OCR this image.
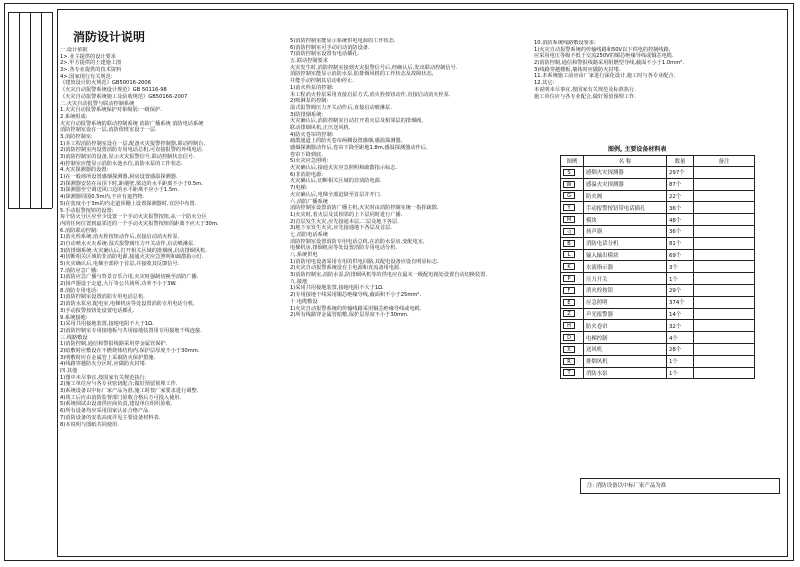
消防设计说明
一.设计依据
1>.业主提供的设计要求
2>.甲方提供的土建施工图
3>.各专业提供的技术资料
4>.国家现行有关规范:
《建筑设计防火规范》GB50016-2006
《火灾自动报警系统设计规范》GB 50116-98
《火灾自动报警系统施工及验收规范》GB50166-2007
二.火灾自动报警与联动控制系统
1.火灾自动报警系统保护对象级别:一级保护.
2.系统组成:
火灾自动报警系统的联动控制系统 消防广播系统 消防电话系统
消防控制室设在一层,消防值班室设于一层.
3.消防控制室:
1)本工程消防控制室设在一层,配备火灾报警控制器,联动控制台.
2)消防控制室内设置消防专用电话总机,可直接报警的外线电话.
3)消防控制室的设备,显示火灾报警信号,联动控制状态信号.
4)控制室应能显示消防水池水位,消防水泵的工作状态.
4.火灾探测器的设置:
1)在一般场所设置感烟探测器,厨房设置感温探测器.
2)探测器安装在吊顶下时,距墙壁,梁边的水平距离不小于0.5m.
3)探测器至空调送风口边的水平距离不应小于1.5m.
4)探测器周围0.5m内,不应有遮挡物.
5)在宽度小于3m的内走道顶棚上设置探测器时,宜居中布置.
5.手动报警按钮的设置:
每个防火分区应至少设置一个手动火灾报警按钮,从一个防火分区
内的任何位置到最邻近的一个手动火灾报警按钮的距离不应大于30m.
6.消防联动控制:
1)消火栓系统:消火栓按钮动作后,直接启动消火栓泵.
2)自动喷水灭火系统:湿式报警阀压力开关动作,启动喷淋泵.
3)防排烟系统:火灾确认后,打开相关区域的排烟阀,启动排烟风机.
4)切断相关区域的非消防电源,接通火灾应急照明和疏散指示灯.
5)火灾确认后,电梯全部停于首层,并接收其反馈信号.
7.消防应急广播:
1)消防应急广播与背景音乐合用,火灾时强制切换至消防广播.
2)扬声器设于走道,大厅等公共场所,功率不小于3W.
8.消防专用电话:
1)消防控制室设置消防专用电话总机.
2)消防水泵房,配电室,电梯机房等处设置消防专用电话分机.
3)手动报警按钮处设置电话插孔.
9.系统接地:
1)采用共用接地装置,接地电阻不大于1Ω.
2)消防控制室专用接地板与共用接地装置用专用接地干线连接.
三.线路敷设
1)消防控制,通信和警报线路采用穿金属管保护.
2)暗敷时应敷设在不燃烧体结构内,保护层厚度不小于30mm.
3)明敷时应在金属管上采取防火保护措施.
4)线路穿越防火分区时,应做防火封堵.
四.其他
1)图中未尽事宜,按国家有关规范执行.
2)施工单位应与各专业密切配合,做好预留预埋工作.
3)系统设备以中标厂家产品为准,施工时按厂家要求进行调整.
4)竣工后应由消防监督部门验收合格后方可投入使用.
5)系统调试由设备供应商负责,建设单位组织验收.
6)所有设备均应采用国家认证合格产品.
7)消防设备的安装高度详见主要设备材料表.
8)本说明与图纸共同使用.
5)消防控制室能显示系统供电电源的工作状态.
6)消防控制室可手动启动消防设备.
7)消防控制室设置有电话插孔.
五.联动控制要求
火灾发生时,消防控制室接到火灾报警信号后,经确认后,发出联动控制信号.
消防控制室能显示消防水泵,防排烟风机的工作状态及故障状态,
并能手动控制其启动和停止.
1)消火栓泵的控制:
本工程消火栓泵采用直接启泵方式,消火栓按钮动作,直接启动消火栓泵.
2)喷淋泵的控制:
湿式报警阀压力开关动作后,直接启动喷淋泵.
3)防排烟系统:
火灾确认后,消防控制室自动打开着火层及相邻层的排烟阀,
联动排烟风机,正压送风机.
4)防火卷帘的控制:
疏散通道上的防火卷帘两侧设置感烟,感温探测器,
感烟探测器动作后,卷帘下降至距地1.8m,感温探测器动作后,
卷帘下降到底.
5)火灾应急照明:
火灾确认后,接通火灾应急照明和疏散指示标志.
6)非消防电源:
火灾确认后,切断相关区域的非消防电源.
7)电梯:
火灾确认后,电梯全部迫降至首层并开门.
六.消防广播系统
消防控制室设置消防广播主机,火灾时由消防控制室统一指挥疏散.
1)火灾时,着火层及其相邻的上下层同时进行广播.
2)首层发生火灾,应先接通本层,二层及地下各层.
3)地下室发生火灾,应先接通地下各层及首层.
七.消防电话系统
消防控制室设置消防专用电话总机,在消防水泵房,变配电室,
电梯机房,排烟机房等处设置消防专用电话分机.
八.系统供电
1)消防用电设备采用专用的供电回路,其配电设备应设有明显标志.
2)火灾自动报警系统设有主电源和直流备用电源.
3)消防控制室,消防水泵,防排烟风机等的供电应在最末一级配电箱处设置自动切换装置.
九.接地
1)采用共用接地装置,接地电阻不大于1Ω.
2)专用接地干线采用铜芯绝缘导线,截面积不小于25mm².
十.电缆敷设
1)火灾自动报警系统的传输线路采用铜芯绝缘导线或电缆.
2)所有线路穿金属管暗敷,保护层厚度不小于30mm.
10.消防系统线路敷设要求:
1)火灾自动报警系统的传输线路和50V以下供电的控制线路,
应采用电压等级不低于交流250V的铜芯绝缘导线或铜芯电缆.
2)消防控制,通信和警报线路采用阻燃型导线,截面不小于1.0mm².
3)线路穿越楼板,墙体时应做防火封堵.
11.本系统施工前应由厂家进行深化设计,施工时与各专业配合.
12.其它:
本说明未尽事宜,按国家有关规范及标准执行.
施工单位应与各专业配合,做好预留预埋工作.
图例, 主要设备材料表
图例	名 称	数量	备注
S	感烟火灾探测器	297个	
W	感温火灾探测器	87个	
G	防火阀	22个	
Y	手动报警按钮带电话插孔	36个	
M	模块	48个	
◁	扬声器	36个	
B	消防电话分机	81个	
L	输入输出模块	69个	
K	水流指示器	3个	
P	压力开关	1个	
F	消火栓按钮	29个	
E	应急照明	374个	
Z	声光报警器	14个	
H	防火卷帘	32个	
D	电梯控制	4个	
X	送风机	28个	
R	排烟风机	1个	
T	消防水泵	1个	
注: 消防设备以中标厂家产品为准
